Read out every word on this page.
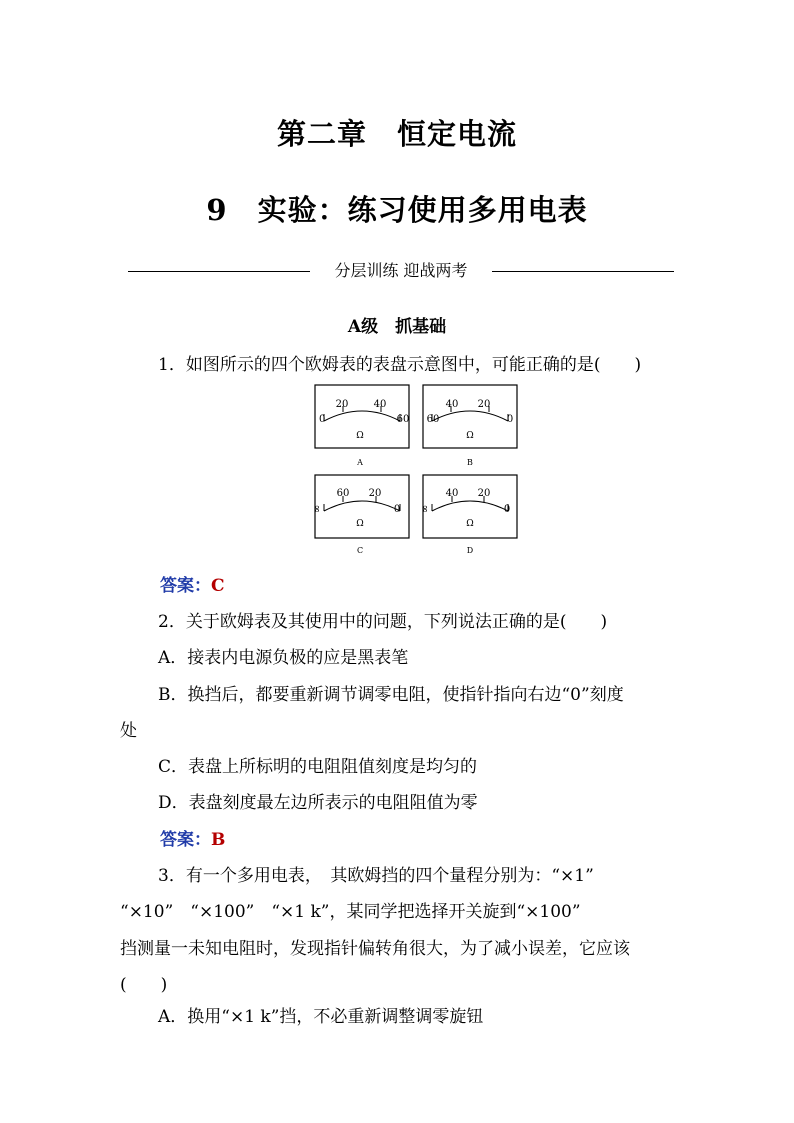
第二章　恒定电流
9　实验：练习使用多用电表
分层训练 迎战两考
A级　抓基础
1．如图所示的四个欧姆表的表盘示意图中，可能正确的是(　　)
0
20	40
60
Ω
A
60
40 20
0
Ω
B
∞
60 20
0
Ω
C
∞
40 20
0
Ω
D
答案：C
2．关于欧姆表及其使用中的问题，下列说法正确的是(　　)
A．接表内电源负极的应是黑表笔
B．换挡后，都要重新调节调零电阻，使指针指向右边“0”刻度
处
C．表盘上所标明的电阻阻值刻度是均匀的
D．表盘刻度最左边所表示的电阻阻值为零
答案：B
3．有一个多用电表，　其欧姆挡的四个量程分别为：“×1”
“×10”　“×100”　“×1 k”，某同学把选择开关旋到“×100”
挡测量一未知电阻时，发现指针偏转角很大，为了减小误差，它应该
(　　)
A．换用“×1 k”挡，不必重新调整调零旋钮
